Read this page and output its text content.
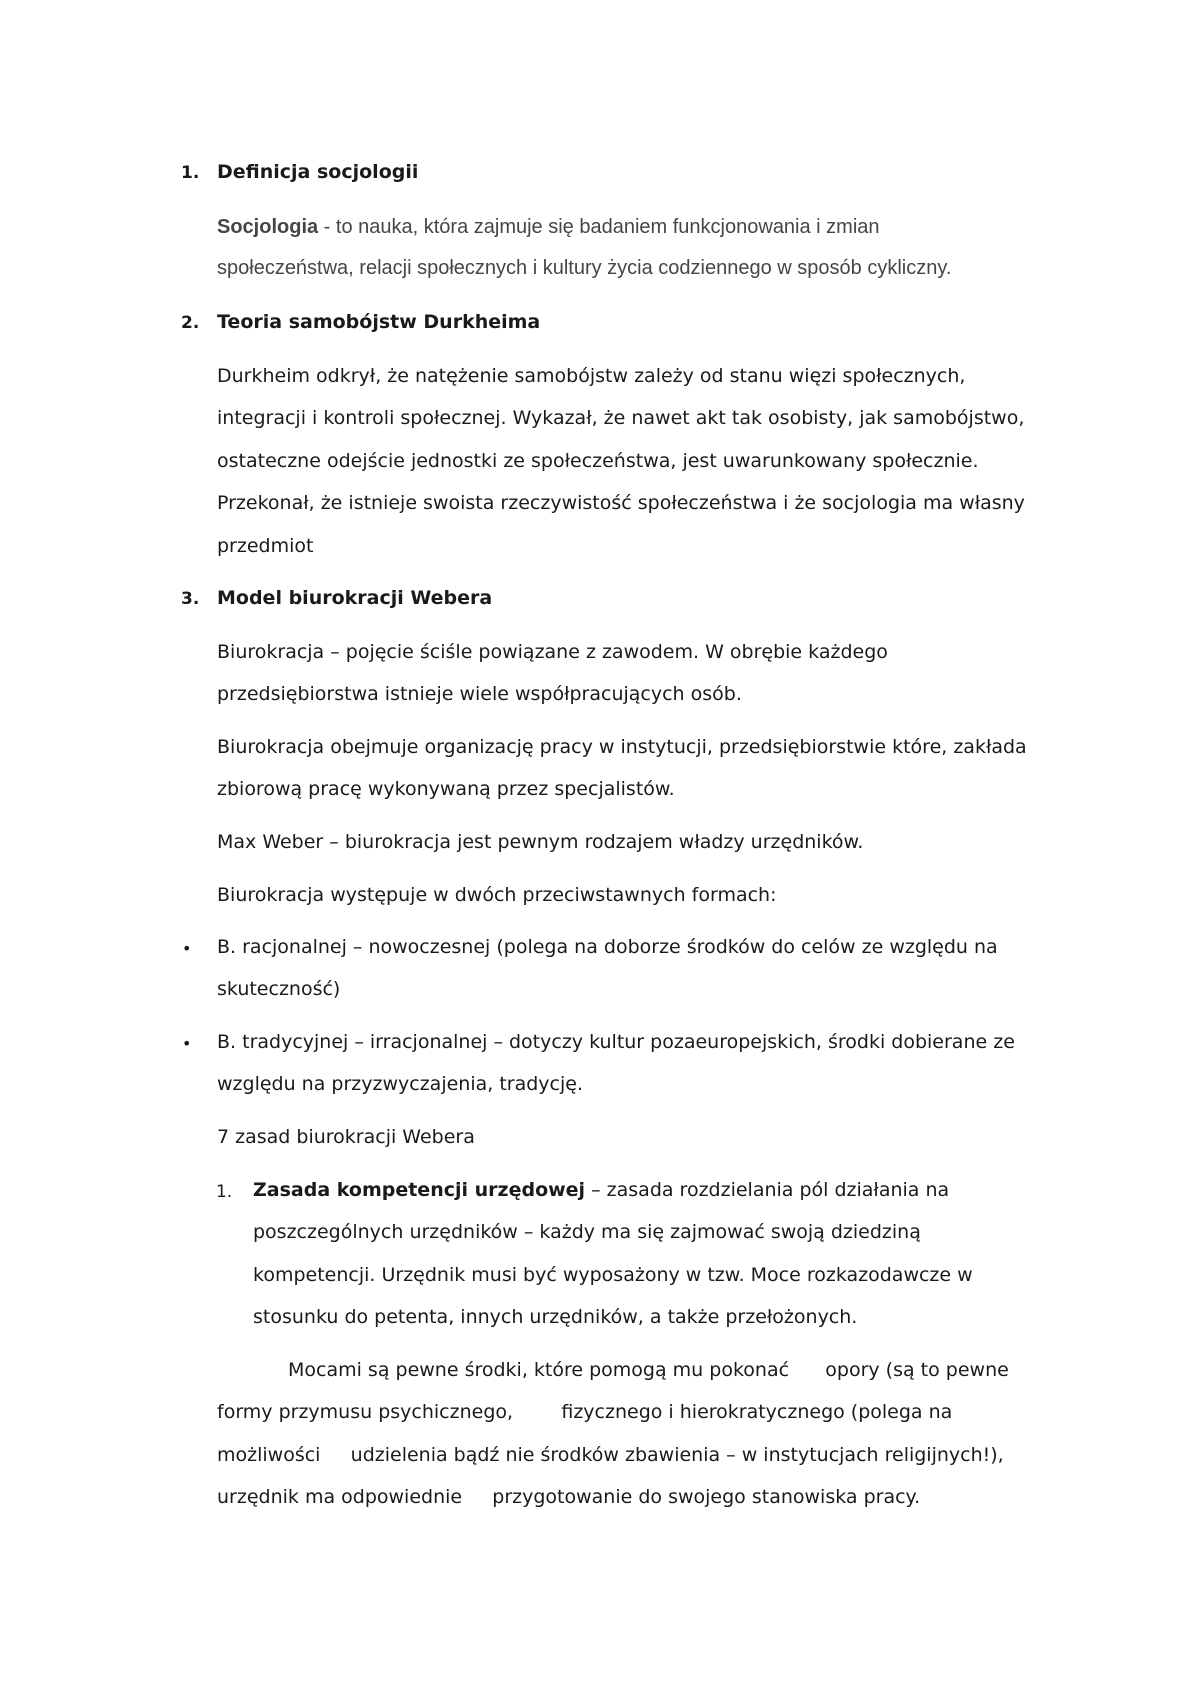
1. Definicja socjologii
Socjologia - to nauka, która zajmuje się badaniem funkcjonowania i zmian
społeczeństwa, relacji społecznych i kultury życia codziennego w sposób cykliczny.
2. Teoria samobójstw Durkheima
Durkheim odkrył, że natężenie samobójstw zależy od stanu więzi społecznych,
integracji i kontroli społecznej. Wykazał, że nawet akt tak osobisty, jak samobójstwo,
ostateczne odejście jednostki ze społeczeństwa, jest uwarunkowany społecznie.
Przekonał, że istnieje swoista rzeczywistość społeczeństwa i że socjologia ma własny
przedmiot
3. Model biurokracji Webera
Biurokracja – pojęcie ściśle powiązane z zawodem. W obrębie każdego
przedsiębiorstwa istnieje wiele współpracujących osób.
Biurokracja obejmuje organizację pracy w instytucji, przedsiębiorstwie które, zakłada
zbiorową pracę wykonywaną przez specjalistów.
Max Weber – biurokracja jest pewnym rodzajem władzy urzędników.
Biurokracja występuje w dwóch przeciwstawnych formach:
• B. racjonalnej – nowoczesnej (polega na doborze środków do celów ze względu na
skuteczność)
• B. tradycyjnej – irracjonalnej – dotyczy kultur pozaeuropejskich, środki dobierane ze
względu na przyzwyczajenia, tradycję.
7 zasad biurokracji Webera
1. Zasada kompetencji urzędowej – zasada rozdzielania pól działania na
poszczególnych urzędników – każdy ma się zajmować swoją dziedziną
kompetencji. Urzędnik musi być wyposażony w tzw. Moce rozkazodawcze w
stosunku do petenta, innych urzędników, a także przełożonych.
Mocami są pewne środki, które pomogą mu pokonać      opory (są to pewne
formy przymusu psychicznego,        fizycznego i hierokratycznego (polega na
możliwości     udzielenia bądź nie środków zbawienia – w instytucjach religijnych!),
urzędnik ma odpowiednie     przygotowanie do swojego stanowiska pracy.
